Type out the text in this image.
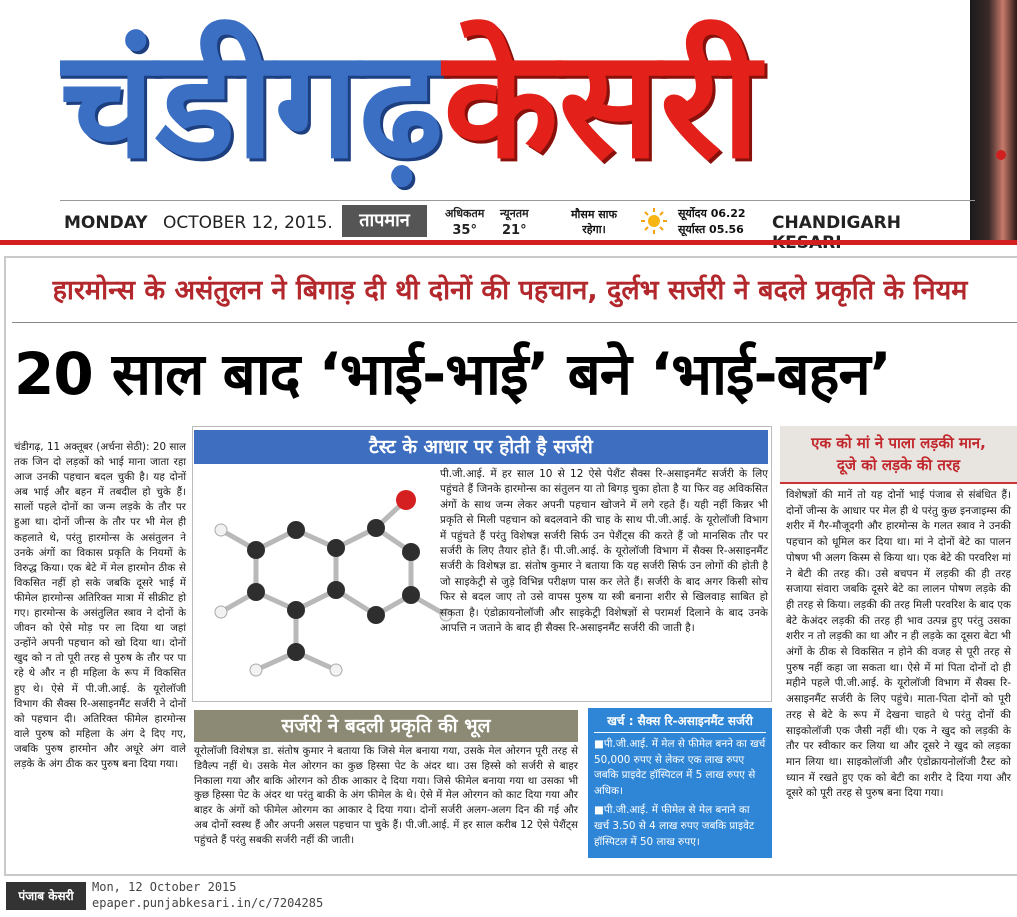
चंडीगढ़केसरी
MONDAY OCTOBER 12, 2015.	तापमान	अधिकतम
35°
न्यूनतम
21°
मौसम साफ
रहेगा।
सूर्योदय 06.22
सूर्यास्त 05.56 CHANDIGARH
हारमोन्स के असंतुलन ने बिगाड़ दी थी दोनों की पहचान, दुर्लभ सर्जरी ने बदले प्रकृति के नियम
20 साल बाद ‘भाई-भाई’ बने ‘भाई-बहन’

चंडीगढ़, 11 अक्तूबर (अर्चना सेठी): 20 साल तक जिन दो लड़कों को भाई माना जाता रहा आज उनकी पहचान बदल चुकी है। यह दोनों अब भाई और बहन में तबदील हो चुके हैं। सालों पहले दोनों का जन्म लड़के के तौर पर हुआ था। दोनों जीन्स के तौर पर भी मेल ही कहलाते थे, परंतु हारमोन्स के असंतुलन ने उनके अंगों का विकास प्रकृति के नियमों के विरुद्ध किया। एक बेटे में मेल हारमोन ठीक से विकसित नहीं हो सके जबकि दूसरे भाई में फीमेल हारमोन्स अतिरिक्त मात्रा में सीक्रीट हो गए। हारमोन्स के असंतुलित स्त्राव ने दोनों के जीवन को ऐसे मोड़ पर ला दिया था जहां उन्होंने अपनी पहचान को खो दिया था। दोनों खुद को न तो पूरी तरह से पुरुष के तौर पर पा रहे थे और न ही महिला के रूप में विकसित हुए थे। ऐसे में पी.जी.आई. के यूरोलॉजी विभाग की सैक्स रि-असाइनमैंट सर्जरी ने दोनों को पहचान दी। अतिरिक्त फीमेल हारमोन्स वाले पुरुष को महिला के अंग दे दिए गए, जबकि पुरुष हारमोन और अधूरे अंग वाले लड़के के अंग ठीक कर पुरुष बना दिया गया।

टैस्ट के आधार पर होती है सर्जरी

पी.जी.आई. में हर साल 10 से 12 ऐसे पेशैंट सैक्स रि-असाइनमैंट सर्जरी के लिए पहुंचते हैं जिनके हारमोन्स का संतुलन या तो बिगड़ चुका होता है या फिर वह अविकसित अंगों के साथ जन्म लेकर अपनी पहचान खोजने में लगे रहते हैं। यही नहीं किन्नर भी प्रकृति से मिली पहचान को बदलवाने की चाह के साथ पी.जी.आई. के यूरोलॉजी विभाग में पहुंचते हैं परंतु विशेषज्ञ सर्जरी सिर्फ उन पेशैंट्स की करते हैं जो मानसिक तौर पर सर्जरी के लिए तैयार होते हैं। पी.जी.आई. के यूरोलॉजी विभाग में सैक्स रि-असाइनमैंट सर्जरी के विशेषज्ञ डा. संतोष कुमार ने बताया कि यह सर्जरी सिर्फ उन लोगों की होती है जो साइकेट्री से जुड़े विभिन्न परीक्षण पास कर लेते हैं। सर्जरी के बाद अगर किसी सोच फिर से बदल जाए तो उसे वापस पुरुष या स्त्री बनाना शरीर से खिलवाड़ साबित हो सकता है। एंडोक्रायनोलॉजी और साइकेट्री विशेषज्ञों से परामर्श दिलाने के बाद उनके आपत्ति न जताने के बाद ही सैक्स रि-असाइनमैंट सर्जरी की जाती है।

सर्जरी ने बदली प्रकृति की भूल

यूरोलॉजी विशेषज्ञ डा. संतोष कुमार ने बताया कि जिसे मेल बनाया गया, उसके मेल ओरगन पूरी तरह से डिवैल्प नहीं थे। उसके मेल ओरगन का कुछ हिस्सा पेट के अंदर था। उस हिस्से को सर्जरी से बाहर निकाला गया और बाकि ओरगन को ठीक आकार दे दिया गया। जिसे फीमेल बनाया गया था उसका भी कुछ हिस्सा पेट के अंदर था परंतु बाकी के अंग फीमेल के थे। ऐसे में मेल ओरगन को काट दिया गया और बाहर के अंगों को फीमेल ओरगम का आकार दे दिया गया। दोनों सर्जरी अलग-अलग दिन की गई और अब दोनों स्वस्थ हैं और अपनी असल पहचान पा चुके हैं। पी.जी.आई. में हर साल करीब 12 ऐसे पेशैंट्स पहुंचते हैं परंतु सबकी सर्जरी नहीं की जाती।

खर्च : सैक्स रि-असाइनमैंट सर्जरी

■पी.जी.आई. में मेल से फीमेल बनने का खर्च 50,000 रुपए से लेकर एक लाख रुपए जबकि प्राइवेट हॉस्पिटल में 5 लाख रुपए से अधिक।

■पी.जी.आई. में फीमेल से मेल बनाने का खर्च 3.50 से 4 लाख रुपए जबकि प्राइवेट हॉस्पिटल में 50 लाख रुपए।

एक को मां ने पाला लड़की मान,
दूजे को लड़के की तरह

विशेषज्ञों की मानें तो यह दोनों भाई पंजाब से संबंधित हैं। दोनों जीन्स के आधार पर मेल ही थे परंतु कुछ इनजाइम्स की शरीर में गैर-मौजूदगी और हारमोन्स के गलत स्त्राव ने उनकी पहचान को धूमिल कर दिया था। मां ने दोनों बेटे का पालन पोषण भी अलग किस्म से किया था। एक बेटे की परवरिश मां ने बेटी की तरह की। उसे बचपन में लड़की की ही तरह सजाया संवारा जबकि दूसरे बेटे का लालन पोषण लड़के की ही तरह से किया। लड़की की तरह मिली परवरिश के बाद एक बेटे केअंदर लड़की की तरह ही भाव उत्पन्न हुए परंतु उसका शरीर न तो लड़की का था और न ही लड़के का दूसरा बेटा भी अंगों के ठीक से विकसित न होने की वजह से पूरी तरह से पुरुष नहीं कहा जा सकता था। ऐसे में मां पिता दोनों दो ही महीने पहले पी.जी.आई. के यूरोलॉजी विभाग में सैक्स रि-असाइनमैंट सर्जरी के लिए पहुंचे। माता-पिता दोनों को पूरी तरह से बेटे के रूप में देखना चाहते थे परंतु दोनों की साइकोलॉजी एक जैसी नहीं थी। एक ने खुद को लड़की के तौर पर स्वीकार कर लिया था और दूसरे ने खुद को लड़का मान लिया था। साइकोलॉजी और एंडोक्रायनोलॉजी टैस्ट को ध्यान में रखते हुए एक को बेटी का शरीर दे दिया गया और दूसरे को पूरी तरह से पुरुष बना दिया गया।

पंजाब केसरी
Mon, 12 October 2015
epaper.punjabkesari.in/c/7204285
